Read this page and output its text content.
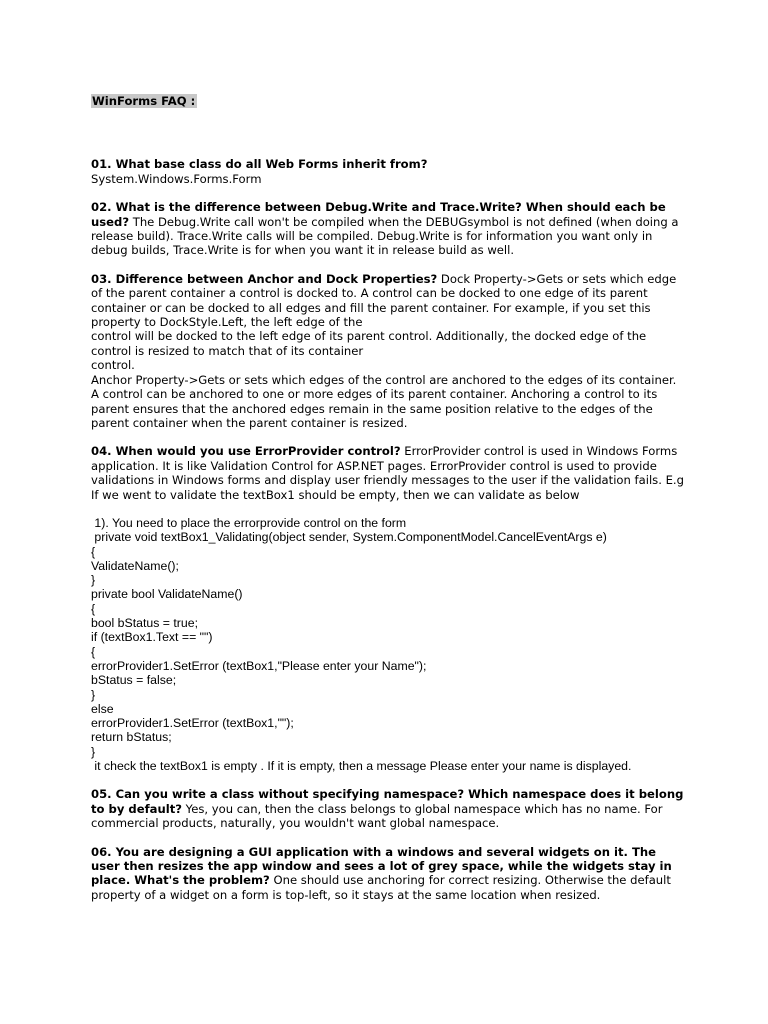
WinForms FAQ :

01. What base class do all Web Forms inherit from?
System.Windows.Forms.Form

02. What is the difference between Debug.Write and Trace.Write? When should each be used? The Debug.Write call won't be compiled when the DEBUGsymbol is not defined (when doing a release build). Trace.Write calls will be compiled. Debug.Write is for information you want only in debug builds, Trace.Write is for when you want it in release build as well.

03. Difference between Anchor and Dock Properties? Dock Property->Gets or sets which edge of the parent container a control is docked to. A control can be docked to one edge of its parent container or can be docked to all edges and fill the parent container. For example, if you set this property to DockStyle.Left, the left edge of the
control will be docked to the left edge of its parent control. Additionally, the docked edge of the control is resized to match that of its container
control.
Anchor Property->Gets or sets which edges of the control are anchored to the edges of its container. A control can be anchored to one or more edges of its parent container. Anchoring a control to its parent ensures that the anchored edges remain in the same position relative to the edges of the parent container when the parent container is resized.

04. When would you use ErrorProvider control? ErrorProvider control is used in Windows Forms application. It is like Validation Control for ASP.NET pages. ErrorProvider control is used to provide validations in Windows forms and display user friendly messages to the user if the validation fails. E.g If we went to validate the textBox1 should be empty, then we can validate as below

1). You need to place the errorprovide control on the form
private void textBox1_Validating(object sender, System.ComponentModel.CancelEventArgs e)
{
ValidateName();
}
private bool ValidateName()
{
bool bStatus = true;
if (textBox1.Text == "")
{
errorProvider1.SetError (textBox1,"Please enter your Name");
bStatus = false;
}
else
errorProvider1.SetError (textBox1,"");
return bStatus;
}
it check the textBox1 is empty . If it is empty, then a message Please enter your name is displayed.

05. Can you write a class without specifying namespace? Which namespace does it belong to by default? Yes, you can, then the class belongs to global namespace which has no name. For commercial products, naturally, you wouldn't want global namespace.

06. You are designing a GUI application with a windows and several widgets on it. The user then resizes the app window and sees a lot of grey space, while the widgets stay in place. What's the problem? One should use anchoring for correct resizing. Otherwise the default property of a widget on a form is top-left, so it stays at the same location when resized.
